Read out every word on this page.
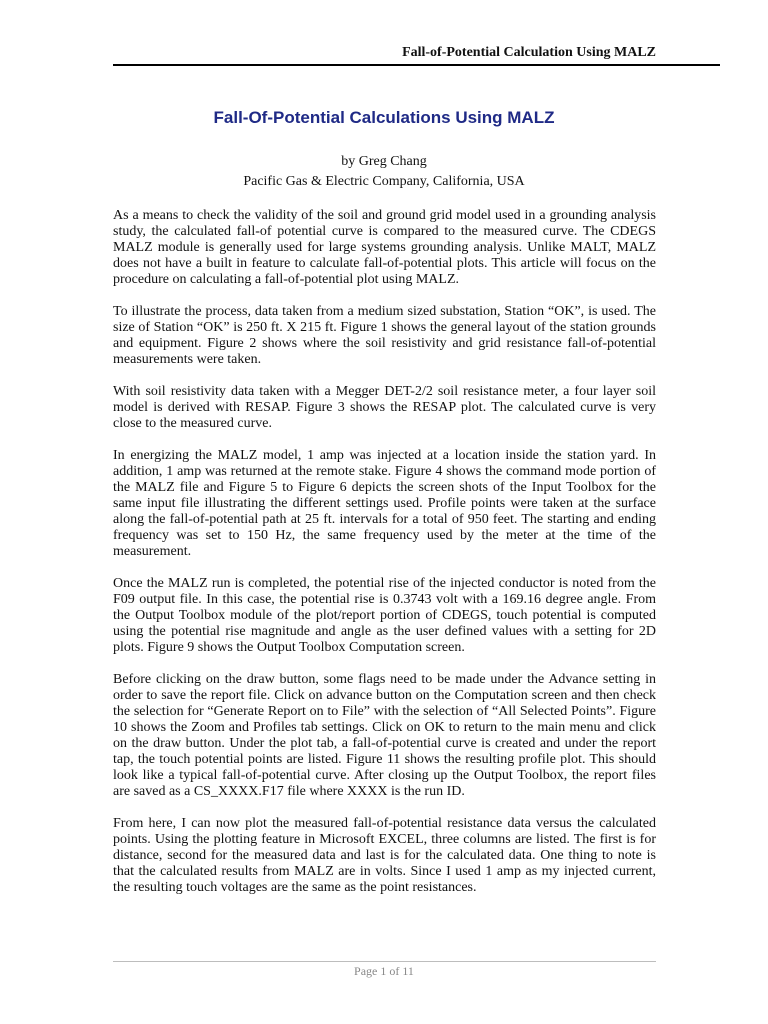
Fall-of-Potential Calculation Using MALZ
Fall-Of-Potential Calculations Using MALZ
by Greg Chang
Pacific Gas & Electric Company, California, USA

As a means to check the validity of the soil and ground grid model used in a grounding analysis study, the calculated fall-of potential curve is compared to the measured curve. The CDEGS MALZ module is generally used for large systems grounding analysis. Unlike MALT, MALZ does not have a built in feature to calculate fall-of-potential plots. This article will focus on the procedure on calculating a fall-of-potential plot using MALZ.

To illustrate the process, data taken from a medium sized substation, Station “OK”, is used. The size of Station “OK” is 250 ft. X 215 ft. Figure 1 shows the general layout of the station grounds and equipment. Figure 2 shows where the soil resistivity and grid resistance fall-of-potential measurements were taken.

With soil resistivity data taken with a Megger DET-2/2 soil resistance meter, a four layer soil model is derived with RESAP. Figure 3 shows the RESAP plot. The calculated curve is very close to the measured curve.

In energizing the MALZ model, 1 amp was injected at a location inside the station yard. In addition, 1 amp was returned at the remote stake. Figure 4 shows the command mode portion of the MALZ file and Figure 5 to Figure 6 depicts the screen shots of the Input Toolbox for the same input file illustrating the different settings used. Profile points were taken at the surface along the fall-of-potential path at 25 ft. intervals for a total of 950 feet. The starting and ending frequency was set to 150 Hz, the same frequency used by the meter at the time of the measurement.

Once the MALZ run is completed, the potential rise of the injected conductor is noted from the F09 output file. In this case, the potential rise is 0.3743 volt with a 169.16 degree angle. From the Output Toolbox module of the plot/report portion of CDEGS, touch potential is computed using the potential rise magnitude and angle as the user defined values with a setting for 2D plots. Figure 9 shows the Output Toolbox Computation screen.

Before clicking on the draw button, some flags need to be made under the Advance setting in order to save the report file. Click on advance button on the Computation screen and then check the selection for “Generate Report on to File” with the selection of “All Selected Points”. Figure 10 shows the Zoom and Profiles tab settings. Click on OK to return to the main menu and click on the draw button. Under the plot tab, a fall-of-potential curve is created and under the report tap, the touch potential points are listed. Figure 11 shows the resulting profile plot. This should look like a typical fall-of-potential curve. After closing up the Output Toolbox, the report files are saved as a CS_XXXX.F17 file where XXXX is the run ID.

From here, I can now plot the measured fall-of-potential resistance data versus the calculated points. Using the plotting feature in Microsoft EXCEL, three columns are listed. The first is for distance, second for the measured data and last is for the calculated data. One thing to note is that the calculated results from MALZ are in volts. Since I used 1 amp as my injected current, the resulting touch voltages are the same as the point resistances.

Page 1 of 11
